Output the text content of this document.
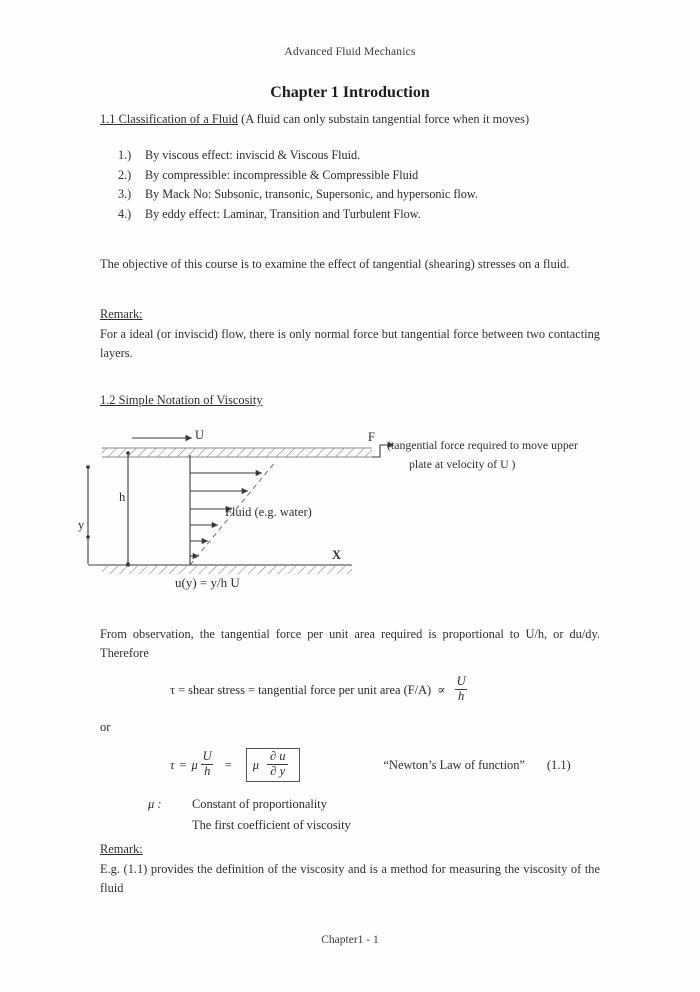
Advanced Fluid Mechanics
Chapter 1 Introduction
1.1 Classification of a Fluid (A fluid can only substain tangential force when it moves)
1.)	By viscous effect: inviscid & Viscous Fluid.
2.)	By compressible: incompressible & Compressible Fluid
3.)	By Mack No: Subsonic, transonic, Supersonic, and hypersonic flow.
4.)	By eddy effect: Laminar, Transition and Turbulent Flow.
The objective of this course is to examine the effect of tangential (shearing) stresses on a fluid.
Remark:
For a ideal (or inviscid) flow, there is only normal force but tangential force between two contacting layers.
1.2 Simple Notation of Viscosity
U	F
h
y
X
Fluid (e.g. water)
(tangential force required to move upper
plate at velocity of U )
u(y) = y/h U
From observation, the tangential force per unit area required is proportional to U/h, or du/dy. Therefore
τ = shear stress = tangential force per unit area $(F/A) \propto \frac{U}{h}$
or
τ = μ $\frac{U}{h} = \mu \frac{\partial u}{\partial y}$	“Newton’s Law of function” (1.1)
μ :	Constant of proportionality
The first coefficient of viscosity
Remark:
E.g. (1.1) provides the definition of the viscosity and is a method for measuring the viscosity of the fluid
Chapter1 - 1
